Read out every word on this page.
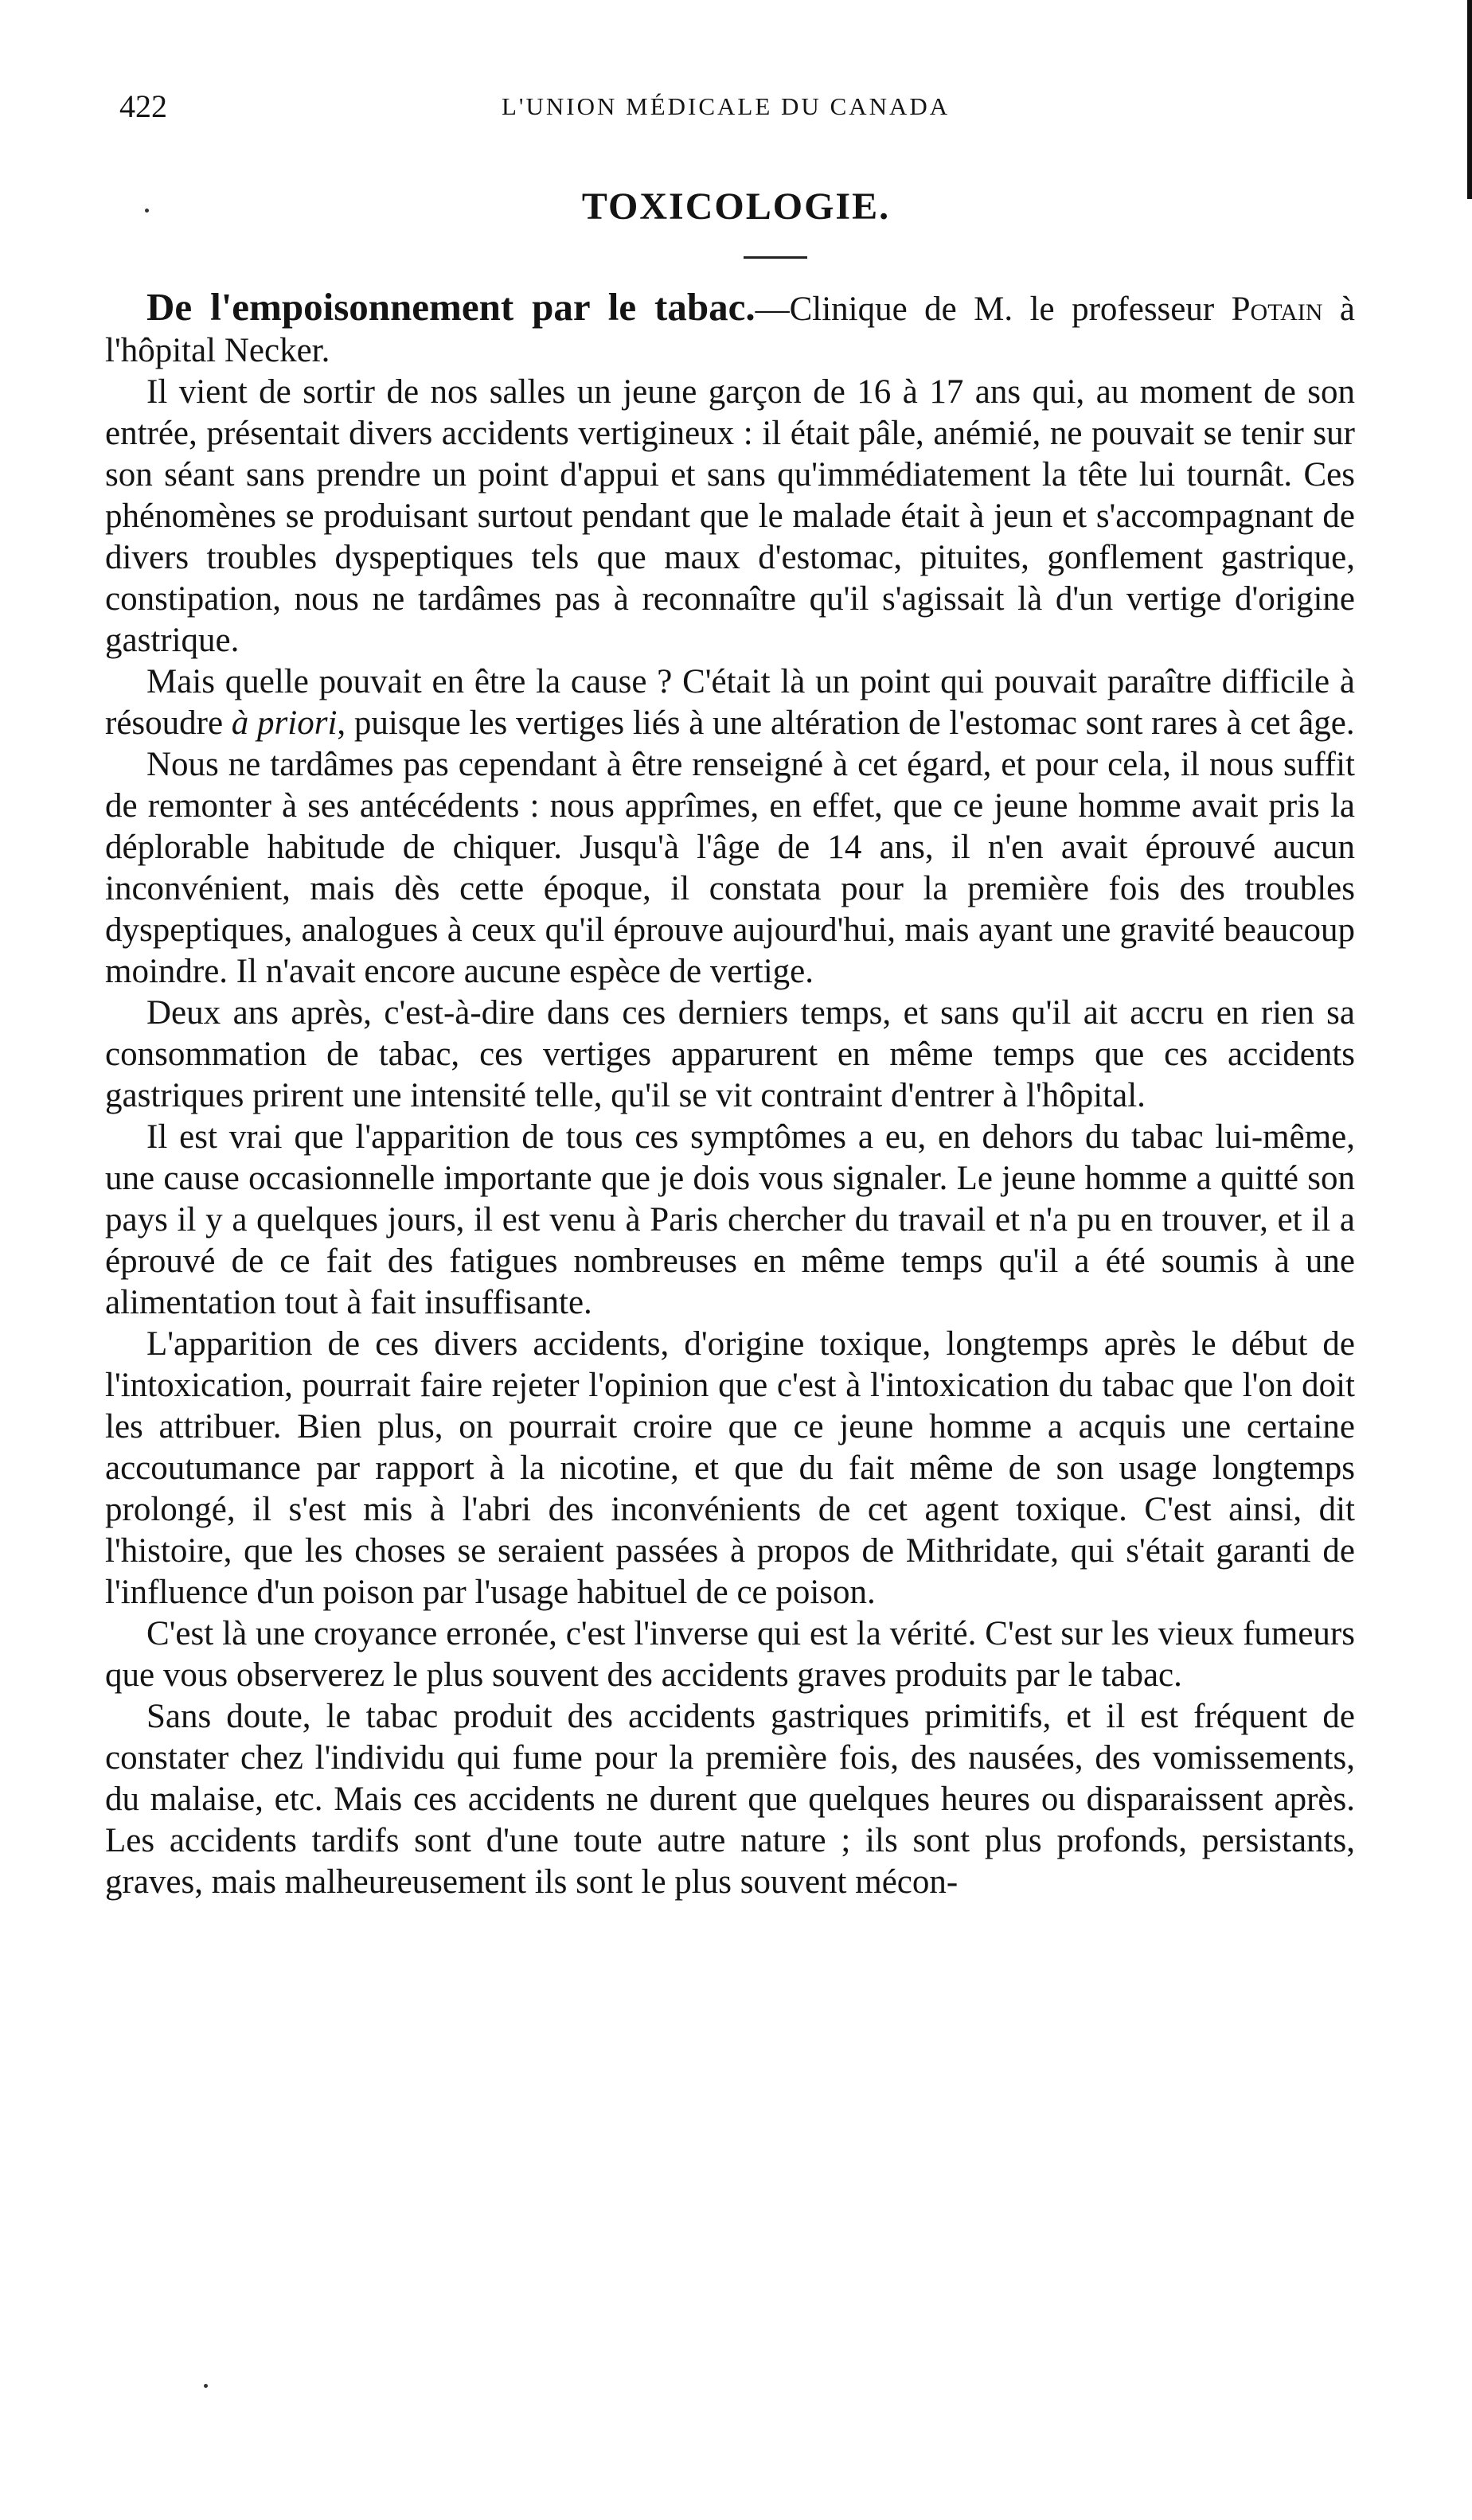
422	L'UNION MÉDICALE DU CANADA
TOXICOLOGIE.

De l'empoisonnement par le tabac.—Clinique de M. le professeur Potain à l'hôpital Necker.

Il vient de sortir de nos salles un jeune garçon de 16 à 17 ans qui, au moment de son entrée, présentait divers accidents vertigineux : il était pâle, anémié, ne pouvait se tenir sur son séant sans prendre un point d'appui et sans qu'immédiatement la tête lui tournât. Ces phénomènes se produisant surtout pendant que le malade était à jeun et s'accompagnant de divers troubles dyspeptiques tels que maux d'estomac, pituites, gonflement gastrique, constipation, nous ne tardâmes pas à reconnaître qu'il s'agissait là d'un vertige d'origine gastrique.

Mais quelle pouvait en être la cause ? C'était là un point qui pouvait paraître difficile à résoudre à priori, puisque les vertiges liés à une altération de l'estomac sont rares à cet âge.

Nous ne tardâmes pas cependant à être renseigné à cet égard, et pour cela, il nous suffit de remonter à ses antécédents : nous apprîmes, en effet, que ce jeune homme avait pris la déplorable habitude de chiquer. Jusqu'à l'âge de 14 ans, il n'en avait éprouvé aucun inconvénient, mais dès cette époque, il constata pour la première fois des troubles dyspeptiques, analogues à ceux qu'il éprouve aujourd'hui, mais ayant une gravité beaucoup moindre. Il n'avait encore aucune espèce de vertige.

Deux ans après, c'est-à-dire dans ces derniers temps, et sans qu'il ait accru en rien sa consommation de tabac, ces vertiges apparurent en même temps que ces accidents gastriques prirent une intensité telle, qu'il se vit contraint d'entrer à l'hôpital.

Il est vrai que l'apparition de tous ces symptômes a eu, en dehors du tabac lui-même, une cause occasionnelle importante que je dois vous signaler. Le jeune homme a quitté son pays il y a quelques jours, il est venu à Paris chercher du travail et n'a pu en trouver, et il a éprouvé de ce fait des fatigues nombreuses en même temps qu'il a été soumis à une alimentation tout à fait insuffisante.

L'apparition de ces divers accidents, d'origine toxique, longtemps après le début de l'intoxication, pourrait faire rejeter l'opinion que c'est à l'intoxication du tabac que l'on doit les attribuer. Bien plus, on pourrait croire que ce jeune homme a acquis une certaine accoutumance par rapport à la nicotine, et que du fait même de son usage longtemps prolongé, il s'est mis à l'abri des inconvénients de cet agent toxique. C'est ainsi, dit l'histoire, que les choses se seraient passées à propos de Mithridate, qui s'était garanti de l'influence d'un poison par l'usage habituel de ce poison.

C'est là une croyance erronée, c'est l'inverse qui est la vérité. C'est sur les vieux fumeurs que vous observerez le plus souvent des accidents graves produits par le tabac.

Sans doute, le tabac produit des accidents gastriques primitifs, et il est fréquent de constater chez l'individu qui fume pour la première fois, des nausées, des vomissements, du malaise, etc. Mais ces accidents ne durent que quelques heures ou disparaissent après. Les accidents tardifs sont d'une toute autre nature ; ils sont plus profonds, persistants, graves, mais malheureusement ils sont le plus souvent mécon-
